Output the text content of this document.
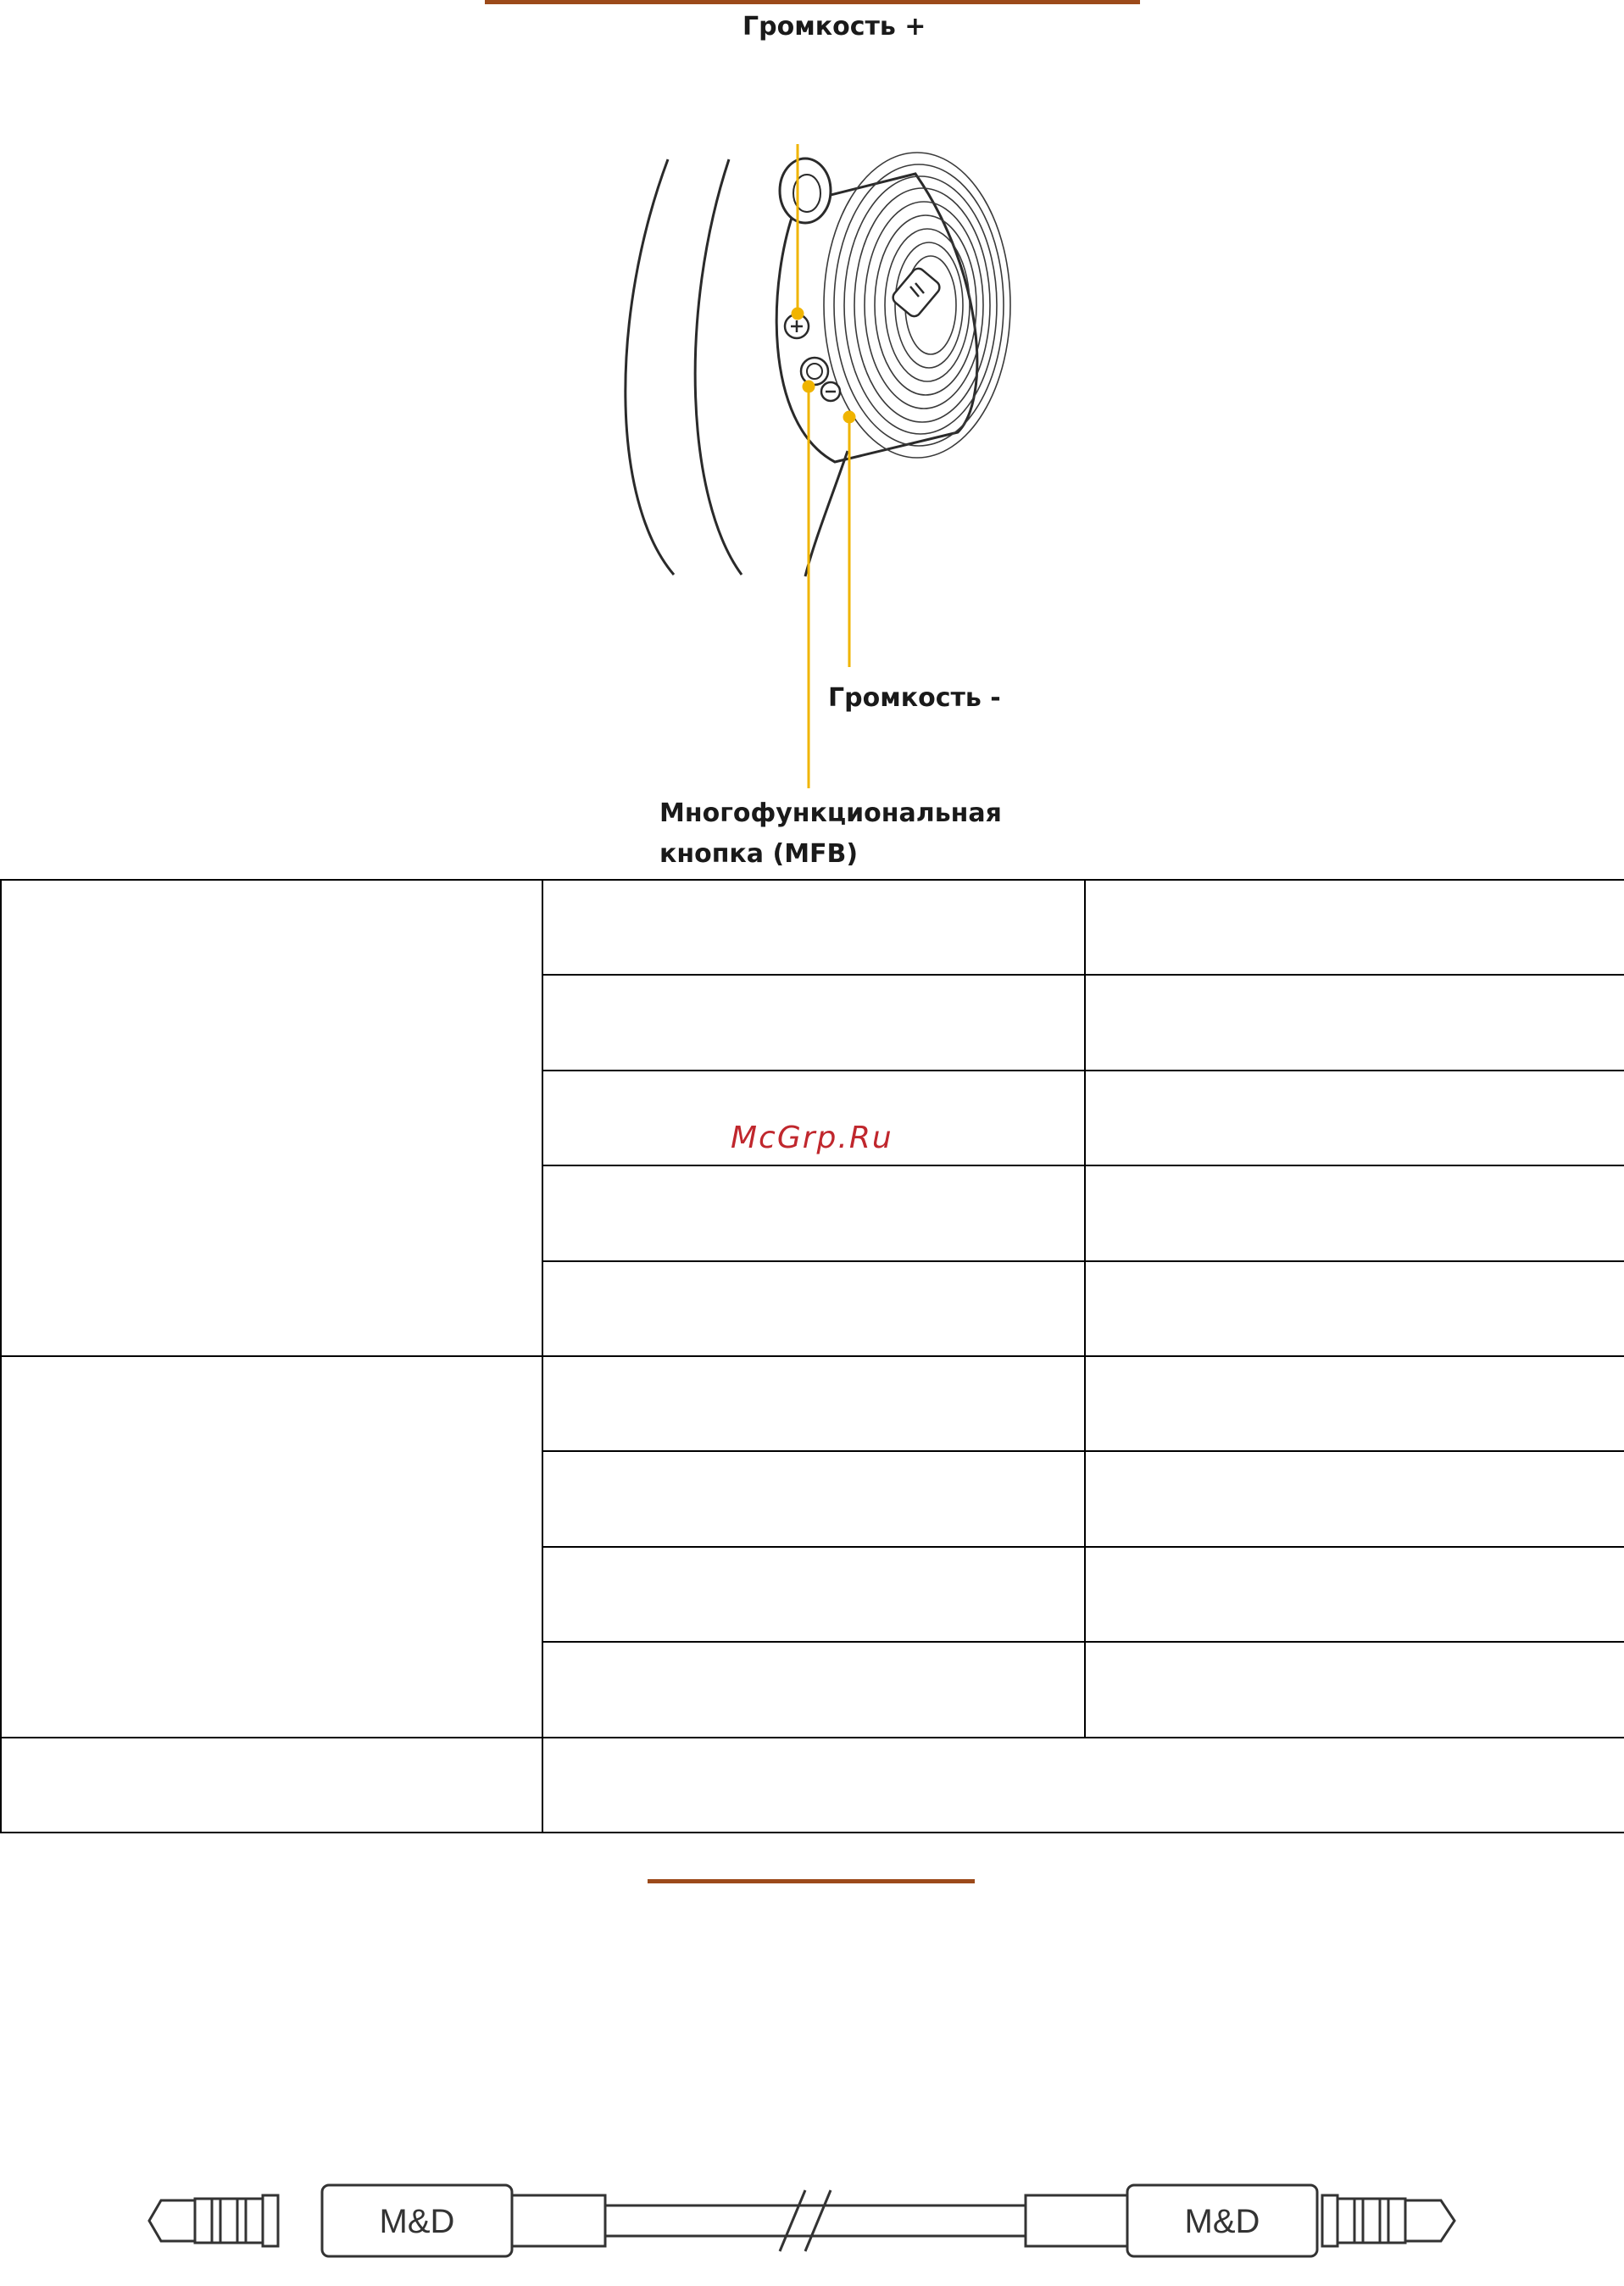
Громкость +
Громкость -
Многофункциональная
кнопка (MFB)

McGrp.Ru
M&D	M&D
